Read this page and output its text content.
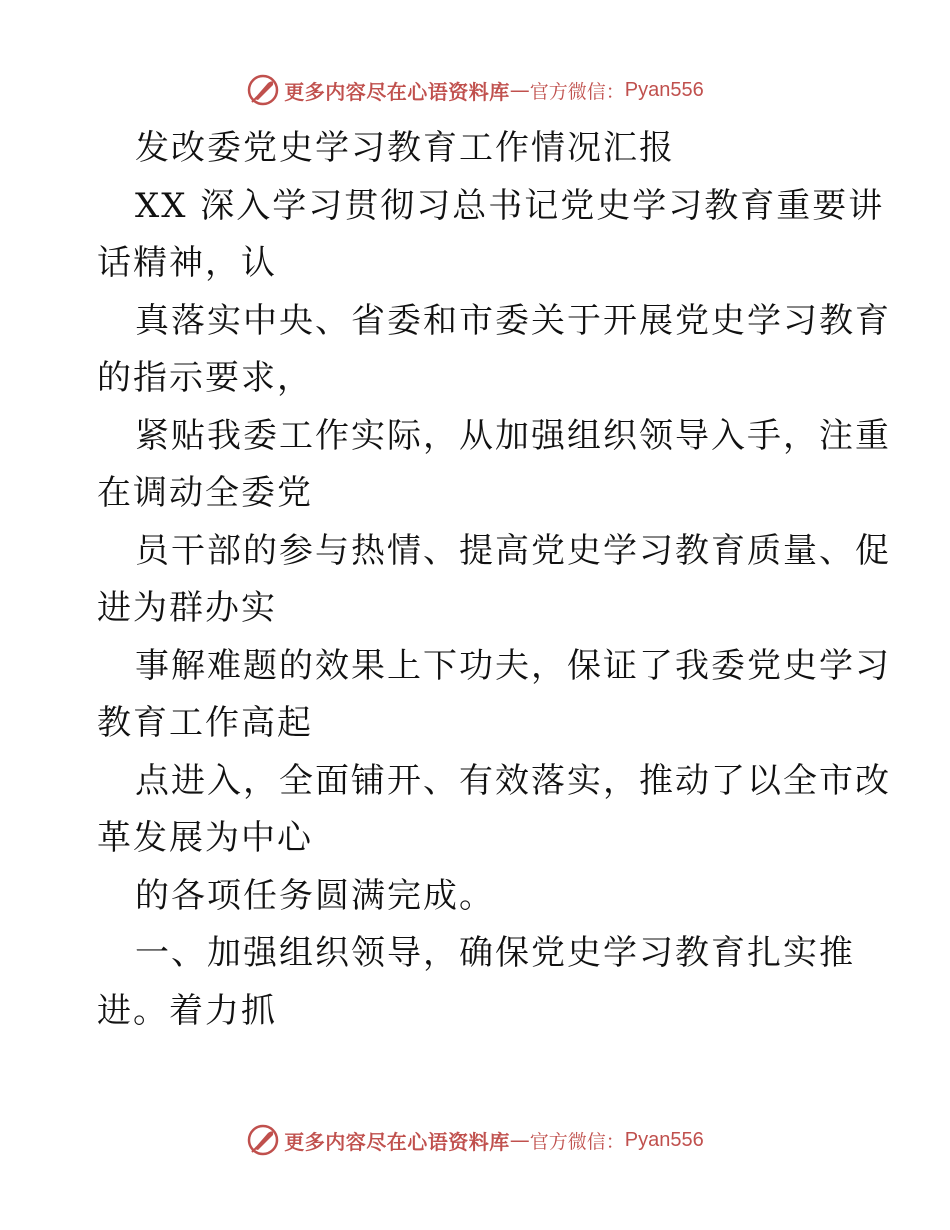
更多内容尽在心语资料库 — 官方微信： Pyan556

发改委党史学习教育工作情况汇报

XX 深入学习贯彻习总书记党史学习教育重要讲

话精神，认

真落实中央、省委和市委关于开展党史学习教育

的指示要求，

紧贴我委工作实际，从加强组织领导入手，注重

在调动全委党

员干部的参与热情、提高党史学习教育质量、促

进为群办实

事解难题的效果上下功夫，保证了我委党史学习

教育工作高起

点进入，全面铺开、有效落实，推动了以全市改

革发展为中心

的各项任务圆满完成。

一、加强组织领导，确保党史学习教育扎实推

进。着力抓

更多内容尽在心语资料库 — 官方微信： Pyan556
